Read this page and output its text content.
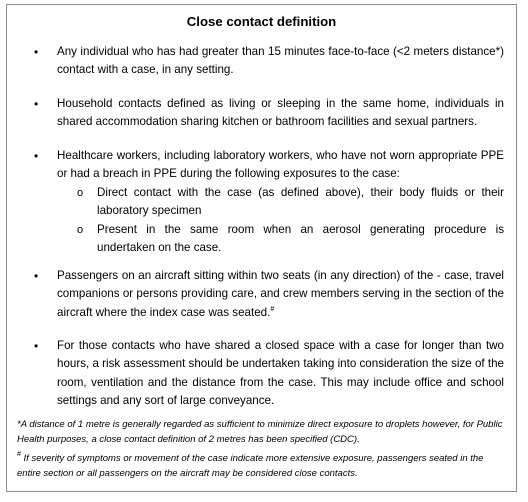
Close contact definition
• Any individual who has had greater than 15 minutes face-to-face (<2 meters distance*) contact with a case, in any setting.
• Household contacts defined as living or sleeping in the same home, individuals in shared accommodation sharing kitchen or bathroom facilities and sexual partners.
• Healthcare workers, including laboratory workers, who have not worn appropriate PPE or had a breach in PPE during the following exposures to the case:
o Direct contact with the case (as defined above), their body fluids or their laboratory specimen
o Present in the same room when an aerosol generating procedure is undertaken on the case.
• Passengers on an aircraft sitting within two seats (in any direction) of the - case, travel companions or persons providing care, and crew members serving in the section of the aircraft where the index case was seated.#
• For those contacts who have shared a closed space with a case for longer than two hours, a risk assessment should be undertaken taking into consideration the size of the room, ventilation and the distance from the case. This may include office and school settings and any sort of large conveyance.
*A distance of 1 metre is generally regarded as sufficient to minimize direct exposure to droplets however, for Public Health purposes, a close contact definition of 2 metres has been specified (CDC).
# If severity of symptoms or movement of the case indicate more extensive exposure, passengers seated in the entire section or all passengers on the aircraft may be considered close contacts.
